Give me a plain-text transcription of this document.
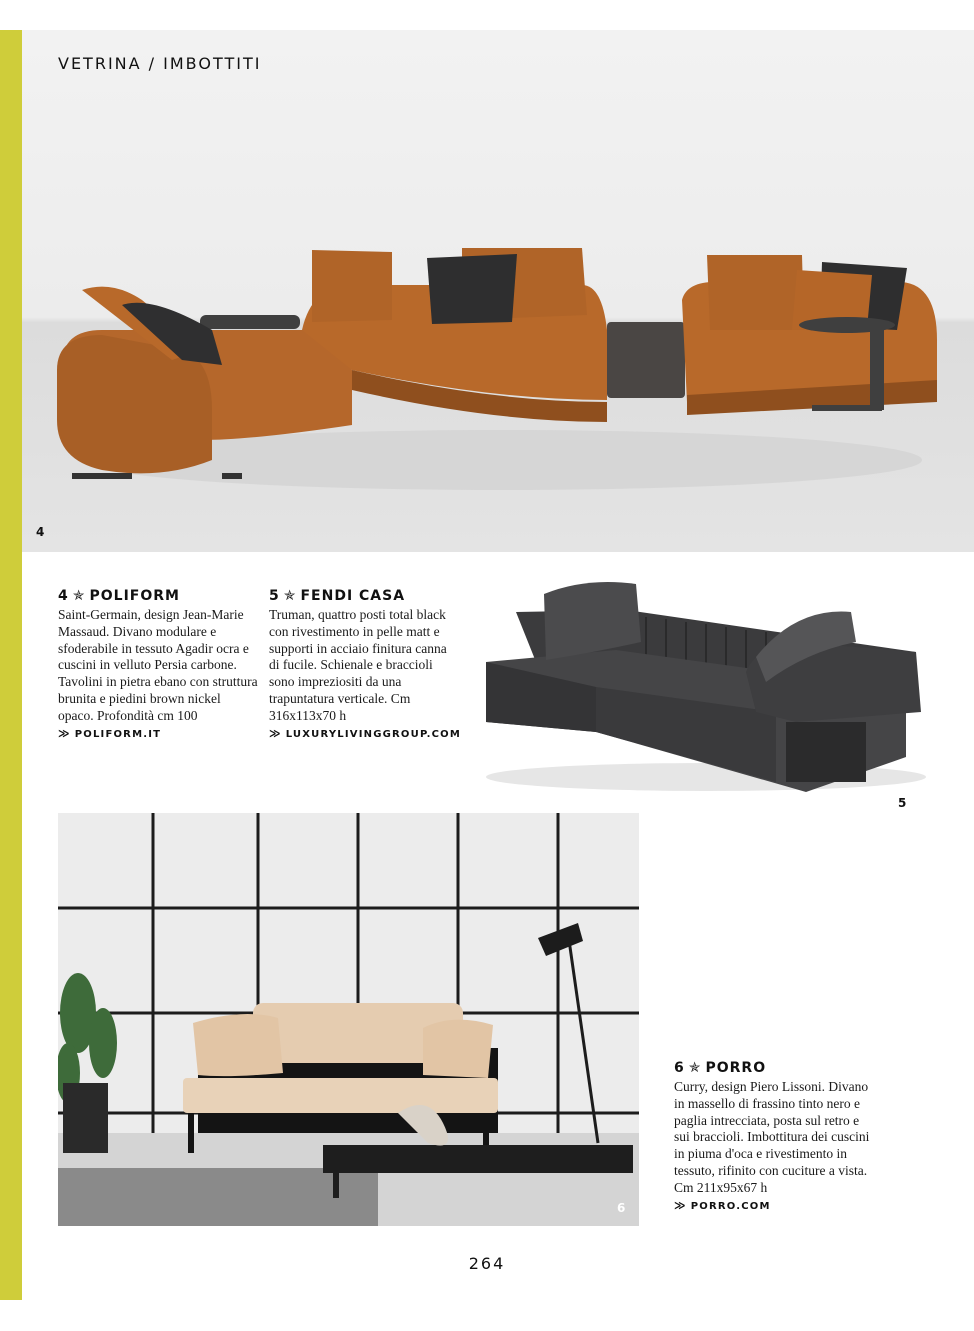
4
VETRINA / IMBOTTITI
4 ✯ POLIFORM

Saint-Germain, design Jean-Marie Massaud. Divano modulare e sfoderabile in tessuto Agadir ocra e cuscini in velluto Persia carbone. Tavolini in pietra ebano con struttura brunita e piedini brown nickel opaco. Profondità cm 100

≫ POLIFORM.IT
5 ✯ FENDI CASA

Truman, quattro posti total black con rivestimento in pelle matt e supporti in acciaio finitura canna di fucile. Schienale e braccioli sono impreziositi da una trapuntatura verticale. Cm 316x113x70 h

≫ LUXURYLIVINGGROUP.COM
5
6
6 ✯ PORRO

Curry, design Piero Lissoni. Divano in massello di frassino tinto nero e paglia intrecciata, posta sul retro e sui braccioli. Imbottitura dei cuscini in piuma d'oca e rivestimento in tessuto, rifinito con cuciture a vista. Cm 211x95x67 h

≫ PORRO.COM
264
